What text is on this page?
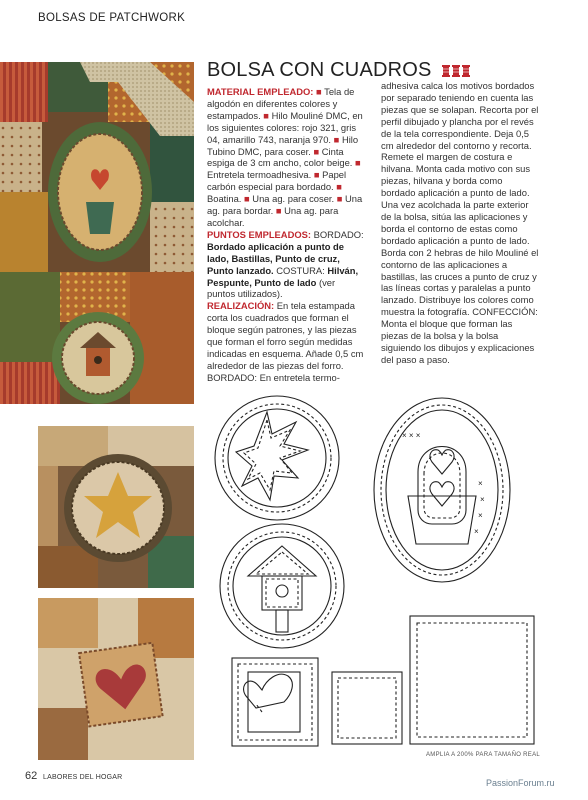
BOLSAS DE PATCHWORK
BOLSA CON CUADROS

MATERIAL EMPLEADO: ■ Tela de algodón en diferentes colores y estampados. ■ Hilo Mouliné DMC, en los siguientes colores: rojo 321, gris 04, amarillo 743, naranja 970. ■ Hilo Tubino DMC, para coser. ■ Cinta espiga de 3 cm ancho, color beige. ■ Entretela termoadhesiva. ■ Papel carbón especial para bordado. ■ Boatina. ■ Una ag. para coser. ■ Una ag. para bordar. ■ Una ag. para acolchar.

PUNTOS EMPLEADOS: BORDADO: Bordado aplicación a punto de lado, Bastillas, Punto de cruz, Punto lanzado. COSTURA: Hilván, Pespunte, Punto de lado (ver puntos utilizados).

REALIZACIÓN: En tela estampada corta los cuadrados que forman el bloque según patrones, y las piezas que forman el forro según medidas indicadas en esquema. Añade 0,5 cm alrededor de las piezas del forro. BORDADO: En entretela termo-

adhesiva calca los motivos bordados por separado teniendo en cuenta las piezas que se solapan. Recorta por el perfil dibujado y plancha por el revés de la tela correspondiente. Deja 0,5 cm alrededor del contorno y recorta. Remete el margen de costura e hilvana. Monta cada motivo con sus piezas, hilvana y borda como bordado aplicación a punto de lado. Una vez acolchada la parte exterior de la bolsa, sitúa las aplicaciones y borda el contorno de estas como bordado aplicación a punto de lado. Borda con 2 hebras de hilo Mouliné el contorno de las aplicaciones a bastillas, las cruces a punto de cruz y las líneas cortas y paralelas a punto lanzado. Distribuye los colores como muestra la fotografía. CONFECCIÓN: Monta el bloque que forman las piezas de la bolsa y la bolsa siguiendo los dibujos y explicaciones del paso a paso.

× × ×
×
×
×
×
AMPLIA A 200% PARA TAMAÑO REAL
62 LABORES DEL HOGAR
PassionForum.ru
